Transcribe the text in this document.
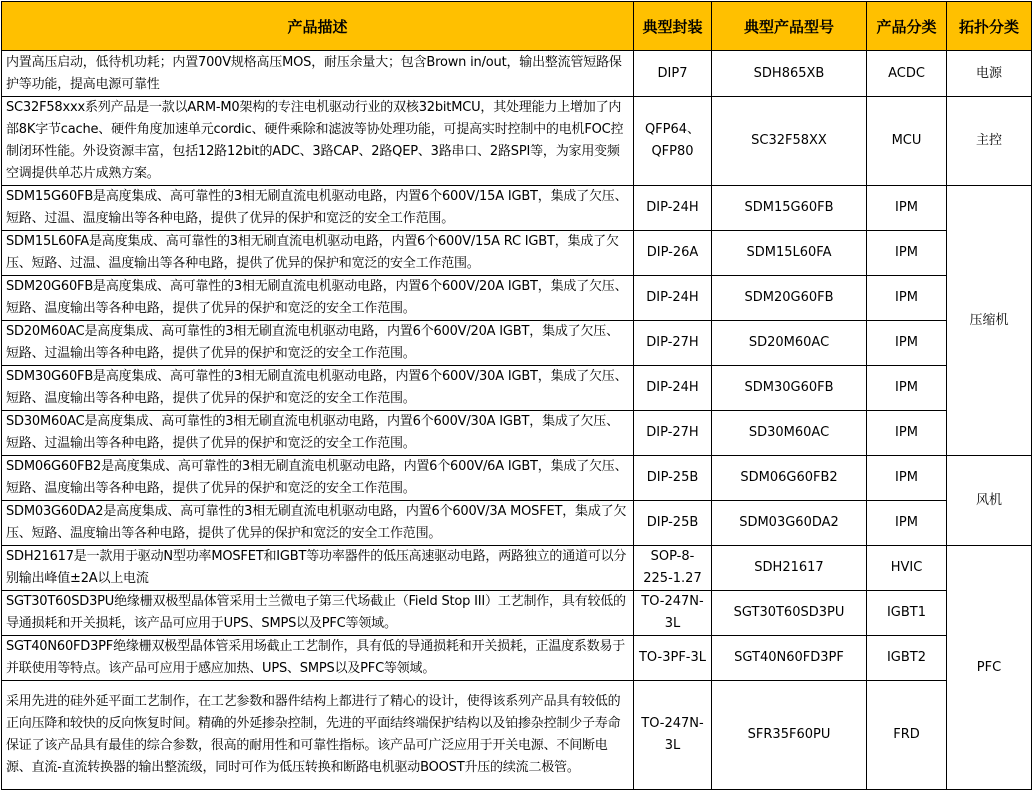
产品描述	典型封装	典型产品型号	产品分类	拓扑分类
内置高压启动，低待机功耗；内置700V规格高压MOS，耐压余量大；包含Brown in/out，输出整流管短路保护等功能，提高电源可靠性	DIP7	SDH865XB	ACDC	电源
SC32F58xxx系列产品是一款以ARM-M0架构的专注电机驱动行业的双核32bitMCU，其处理能力上增加了内部8K字节cache、硬件角度加速单元cordic、硬件乘除和滤波等协处理功能，可提高实时控制中的电机FOC控制闭环性能。外设资源丰富，包括12路12bit的ADC、3路CAP、2路QEP、3路串口、2路SPI等，为家用变频空调提供单芯片成熟方案。	QFP64、QFP80	SC32F58XX	MCU	主控
SDM15G60FB是高度集成、高可靠性的3相无刷直流电机驱动电路，内置6个600V/15A IGBT，集成了欠压、短路、过温、温度输出等各种电路，提供了优异的保护和宽泛的安全工作范围。	DIP-24H	SDM15G60FB	IPM	压缩机
SDM15L60FA是高度集成、高可靠性的3相无刷直流电机驱动电路，内置6个600V/15A RC IGBT，集成了欠压、短路、过温、温度输出等各种电路，提供了优异的保护和宽泛的安全工作范围。	DIP-26A	SDM15L60FA	IPM	
SDM20G60FB是高度集成、高可靠性的3相无刷直流电机驱动电路，内置6个600V/20A IGBT，集成了欠压、短路、温度输出等各种电路，提供了优异的保护和宽泛的安全工作范围。	DIP-24H	SDM20G60FB	IPM	
SD20M60AC是高度集成、高可靠性的3相无刷直流电机驱动电路，内置6个600V/20A IGBT，集成了欠压、短路、过温输出等各种电路，提供了优异的保护和宽泛的安全工作范围。	DIP-27H	SD20M60AC	IPM	
SDM30G60FB是高度集成、高可靠性的3相无刷直流电机驱动电路，内置6个600V/30A IGBT，集成了欠压、短路、温度输出等各种电路，提供了优异的保护和宽泛的安全工作范围。	DIP-24H	SDM30G60FB	IPM	
SD30M60AC是高度集成、高可靠性的3相无刷直流电机驱动电路，内置6个600V/30A IGBT，集成了欠压、短路、过温输出等各种电路，提供了优异的保护和宽泛的安全工作范围。	DIP-27H	SD30M60AC	IPM	
SDM06G60FB2是高度集成、高可靠性的3相无刷直流电机驱动电路，内置6个600V/6A IGBT，集成了欠压、短路、温度输出等各种电路，提供了优异的保护和宽泛的安全工作范围。	DIP-25B	SDM06G60FB2	IPM	风机
SDM03G60DA2是高度集成、高可靠性的3相无刷直流电机驱动电路，内置6个600V/3A MOSFET，集成了欠压、短路、温度输出等各种电路，提供了优异的保护和宽泛的安全工作范围。	DIP-25B	SDM03G60DA2	IPM	
SDH21617是一款用于驱动N型功率MOSFET和IGBT等功率器件的低压高速驱动电路，两路独立的通道可以分别输出峰值±2A以上电流	SOP-8-225-1.27	SDH21617	HVIC	PFC
SGT30T60SD3PU绝缘栅双极型晶体管采用士兰微电子第三代场截止（Field Stop III）工艺制作，具有较低的导通损耗和开关损耗，该产品可应用于UPS、SMPS以及PFC等领域。	TO-247N-3L	SGT30T60SD3PU	IGBT1	
SGT40N60FD3PF绝缘栅双极型晶体管采用场截止工艺制作，具有低的导通损耗和开关损耗，正温度系数易于并联使用等特点。该产品可应用于感应加热、UPS、SMPS以及PFC等领域。	TO-3PF-3L	SGT40N60FD3PF	IGBT2	
采用先进的硅外延平面工艺制作，在工艺参数和器件结构上都进行了精心的设计，使得该系列产品具有较低的正向压降和较快的反向恢复时间。精确的外延掺杂控制，先进的平面结终端保护结构以及铂掺杂控制少子寿命保证了该产品具有最佳的综合参数，很高的耐用性和可靠性指标。该产品可广泛应用于开关电源、不间断电源、直流-直流转换器的输出整流级，同时可作为低压转换和断路电机驱动BOOST升压的续流二极管。	TO-247N-3L	SFR35F60PU	FRD	
